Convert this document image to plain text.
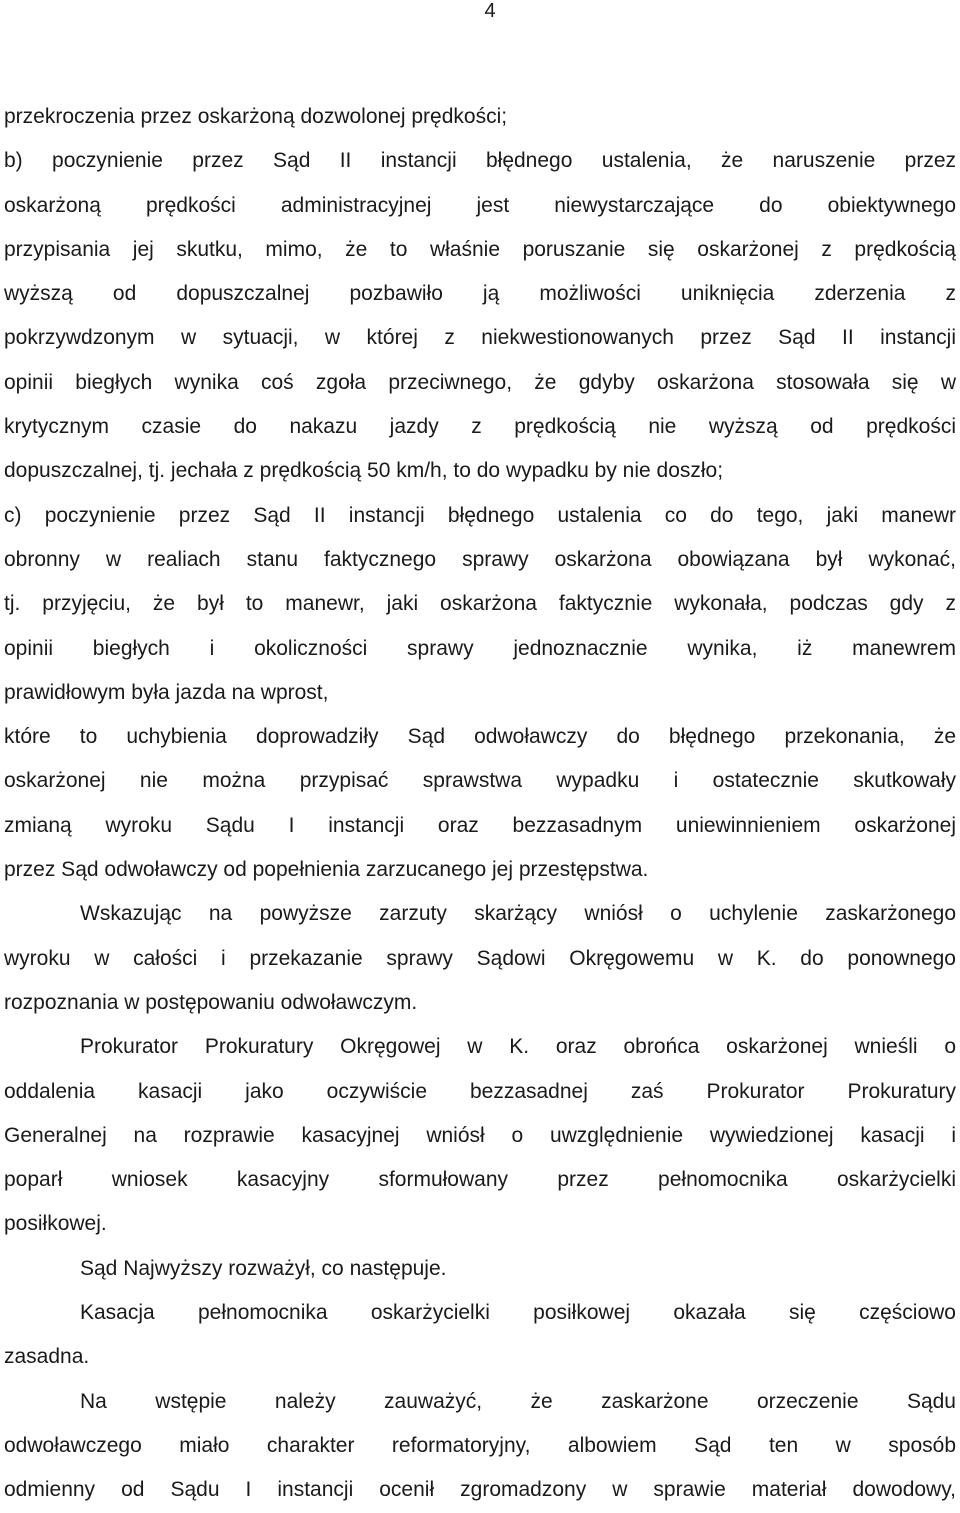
4
przekroczenia przez oskarżoną dozwolonej prędkości;
b) poczynienie przez Sąd II instancji błędnego ustalenia, że naruszenie przez
oskarżoną prędkości administracyjnej jest niewystarczające do obiektywnego
przypisania jej skutku, mimo, że to właśnie poruszanie się oskarżonej z prędkością
wyższą od dopuszczalnej pozbawiło ją możliwości uniknięcia zderzenia z
pokrzywdzonym w sytuacji, w której z niekwestionowanych przez Sąd II instancji
opinii biegłych wynika coś zgoła przeciwnego, że gdyby oskarżona stosowała się w
krytycznym czasie do nakazu jazdy z prędkością nie wyższą od prędkości
dopuszczalnej, tj. jechała z prędkością 50 km/h, to do wypadku by nie doszło;
c) poczynienie przez Sąd II instancji błędnego ustalenia co do tego, jaki manewr
obronny w realiach stanu faktycznego sprawy oskarżona obowiązana był wykonać,
tj. przyjęciu, że był to manewr, jaki oskarżona faktycznie wykonała, podczas gdy z
opinii biegłych i okoliczności sprawy jednoznacznie wynika, iż manewrem
prawidłowym była jazda na wprost,
które to uchybienia doprowadziły Sąd odwoławczy do błędnego przekonania, że
oskarżonej nie można przypisać sprawstwa wypadku i ostatecznie skutkowały
zmianą wyroku Sądu I instancji oraz bezzasadnym uniewinnieniem oskarżonej
przez Sąd odwoławczy od popełnienia zarzucanego jej przestępstwa.
Wskazując na powyższe zarzuty skarżący wniósł o uchylenie zaskarżonego
wyroku w całości i przekazanie sprawy Sądowi Okręgowemu w K. do ponownego
rozpoznania w postępowaniu odwoławczym.
Prokurator Prokuratury Okręgowej w K. oraz obrońca oskarżonej wnieśli o
oddalenia kasacji jako oczywiście bezzasadnej zaś Prokurator Prokuratury
Generalnej na rozprawie kasacyjnej wniósł o uwzględnienie wywiedzionej kasacji i
poparł wniosek kasacyjny sformułowany przez pełnomocnika oskarżycielki
posiłkowej.
Sąd Najwyższy rozważył, co następuje.
Kasacja pełnomocnika oskarżycielki posiłkowej okazała się częściowo
zasadna.
Na wstępie należy zauważyć, że zaskarżone orzeczenie Sądu
odwoławczego miało charakter reformatoryjny, albowiem Sąd ten w sposób
odmienny od Sądu I instancji ocenił zgromadzony w sprawie materiał dowodowy,
